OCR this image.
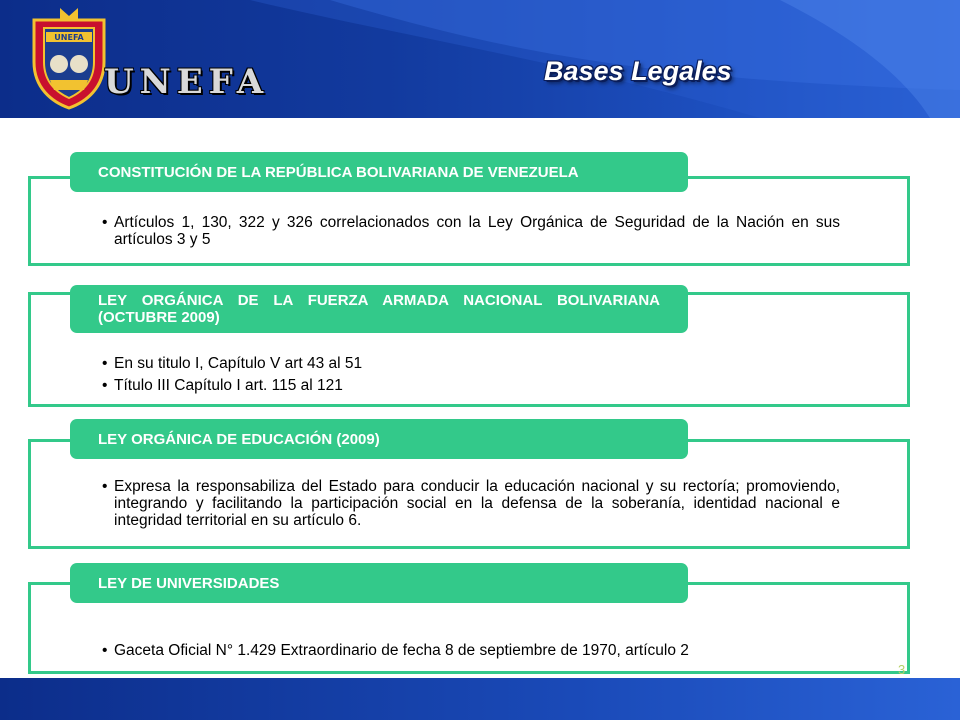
UNEFA
UNEFA	Bases Legales
CONSTITUCIÓN DE LA REPÚBLICA BOLIVARIANA DE VENEZUELA
• Artículos 1, 130, 322 y 326 correlacionados con la Ley Orgánica de Seguridad de la Nación en sus artículos 3 y 5
LEY ORGÁNICA DE LA FUERZA ARMADA NACIONAL BOLIVARIANA (OCTUBRE 2009)
• En su titulo I, Capítulo V art 43 al 51
• Título III Capítulo I art. 115 al 121
LEY ORGÁNICA DE EDUCACIÓN (2009)
• Expresa la responsabiliza del Estado para conducir la educación nacional y su rectoría; promoviendo, integrando y facilitando la participación social en la defensa de la soberanía, identidad nacional e integridad territorial en su artículo 6.
LEY DE UNIVERSIDADES
• Gaceta Oficial N° 1.429 Extraordinario de fecha 8 de septiembre de 1970, artículo 2
3
